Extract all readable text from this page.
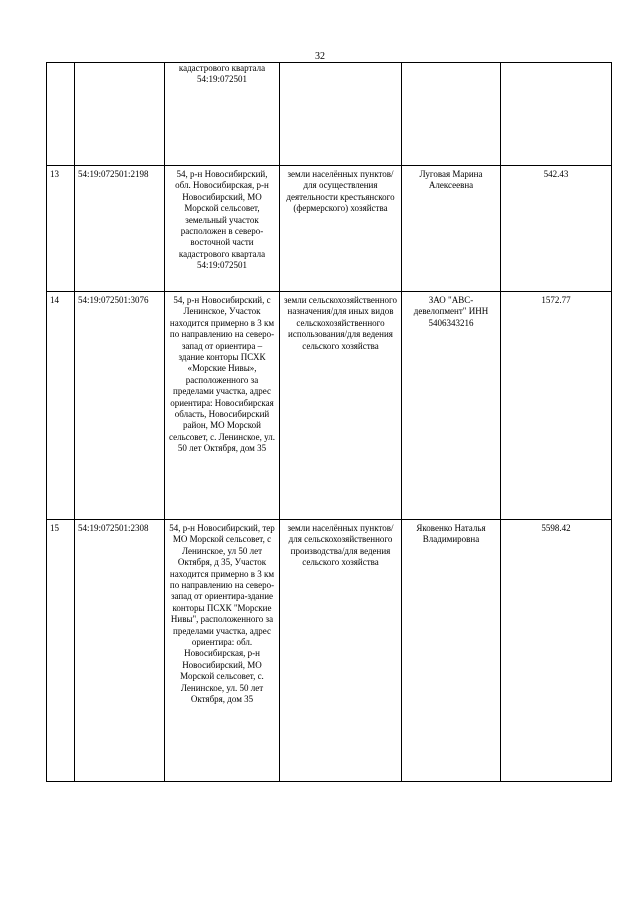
32
		кадастрового квартала 54:19:072501			
13	54:19:072501:2198	54, р-н Новосибирский, обл. Новосибирская, р-н Новосибирский, МО Морской сельсовет, земельный участок расположен в северо-восточной части кадастрового квартала 54:19:072501	земли населённых пунктов/для осуществления деятельности крестьянского (фермерского) хозяйства	Луговая Марина Алексеевна	542.43
14	54:19:072501:3076	54, р-н Новосибирский, с Ленинское, Участок находится примерно в 3 км по направлению на северо-запад от ориентира – здание конторы ПСХК «Морские Нивы», расположенного за пределами участка, адрес ориентира: Новосибирская область, Новосибирский район, МО Морской сельсовет, с. Ленинское, ул. 50 лет Октября, дом 35	земли сельскохозяйственного назначения/для иных видов сельскохозяйственного использования/для ведения сельского хозяйства	ЗАО "АВС-девелопмент" ИНН 5406343216	1572.77
15	54:19:072501:2308	54, р-н Новосибирский, тер МО Морской сельсовет, с Ленинское, ул 50 лет Октября, д 35, Участок находится примерно в 3 км по направлению на северо-запад от ориентира-здание конторы ПСХК "Морские Нивы", расположенного за пределами участка, адрес ориентира: обл. Новосибирская, р-н Новосибирский, МО Морской сельсовет, с. Ленинское, ул. 50 лет Октября, дом 35	земли населённых пунктов/для сельскохозяйственного производства/для ведения сельского хозяйства	Яковенко Наталья Владимировна	5598.42
